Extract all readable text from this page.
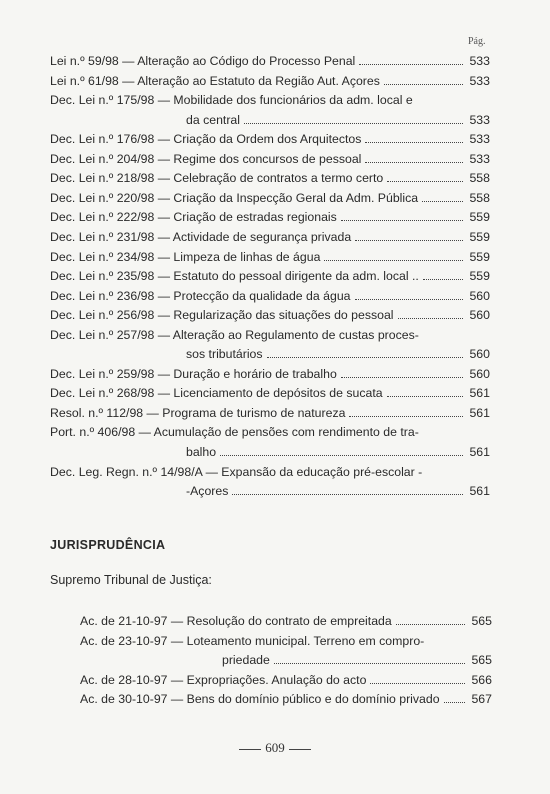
Pág.
Lei n.º 59/98 — Alteração ao Código do Processo Penal	533
Lei n.º 61/98 — Alteração ao Estatuto da Região Aut. Açores	533
Dec. Lei n.º 175/98 — Mobilidade dos funcionários da adm. local e
da central	533
Dec. Lei n.º 176/98 — Criação da Ordem dos Arquitectos	533
Dec. Lei n.º 204/98 — Regime dos concursos de pessoal	533
Dec. Lei n.º 218/98 — Celebração de contratos a termo certo	558
Dec. Lei n.º 220/98 — Criação da Inspecção Geral da Adm. Pública	558
Dec. Lei n.º 222/98 — Criação de estradas regionais	559
Dec. Lei n.º 231/98 — Actividade de segurança privada	559
Dec. Lei n.º 234/98 — Limpeza de linhas de água	559
Dec. Lei n.º 235/98 — Estatuto do pessoal dirigente da adm. local ..	559
Dec. Lei n.º 236/98 — Protecção da qualidade da água	560
Dec. Lei n.º 256/98 — Regularização das situações do pessoal	560
Dec. Lei n.º 257/98 — Alteração ao Regulamento de custas proces-
sos tributários	560
Dec. Lei n.º 259/98 — Duração e horário de trabalho	560
Dec. Lei n.º 268/98 — Licenciamento de depósitos de sucata	561
Resol. n.º 112/98 — Programa de turismo de natureza	561
Port. n.º 406/98 — Acumulação de pensões com rendimento de tra-
balho	561
Dec. Leg. Regn. n.º 14/98/A — Expansão da educação pré-escolar -
-Açores	561
JURISPRUDÊNCIA
Supremo Tribunal de Justiça:
Ac. de 21-10-97 — Resolução do contrato de empreitada	565
Ac. de 23-10-97 — Loteamento municipal. Terreno em compro-
priedade	565
Ac. de 28-10-97 — Expropriações. Anulação do acto	566
Ac. de 30-10-97 — Bens do domínio público e do domínio privado	567
609
